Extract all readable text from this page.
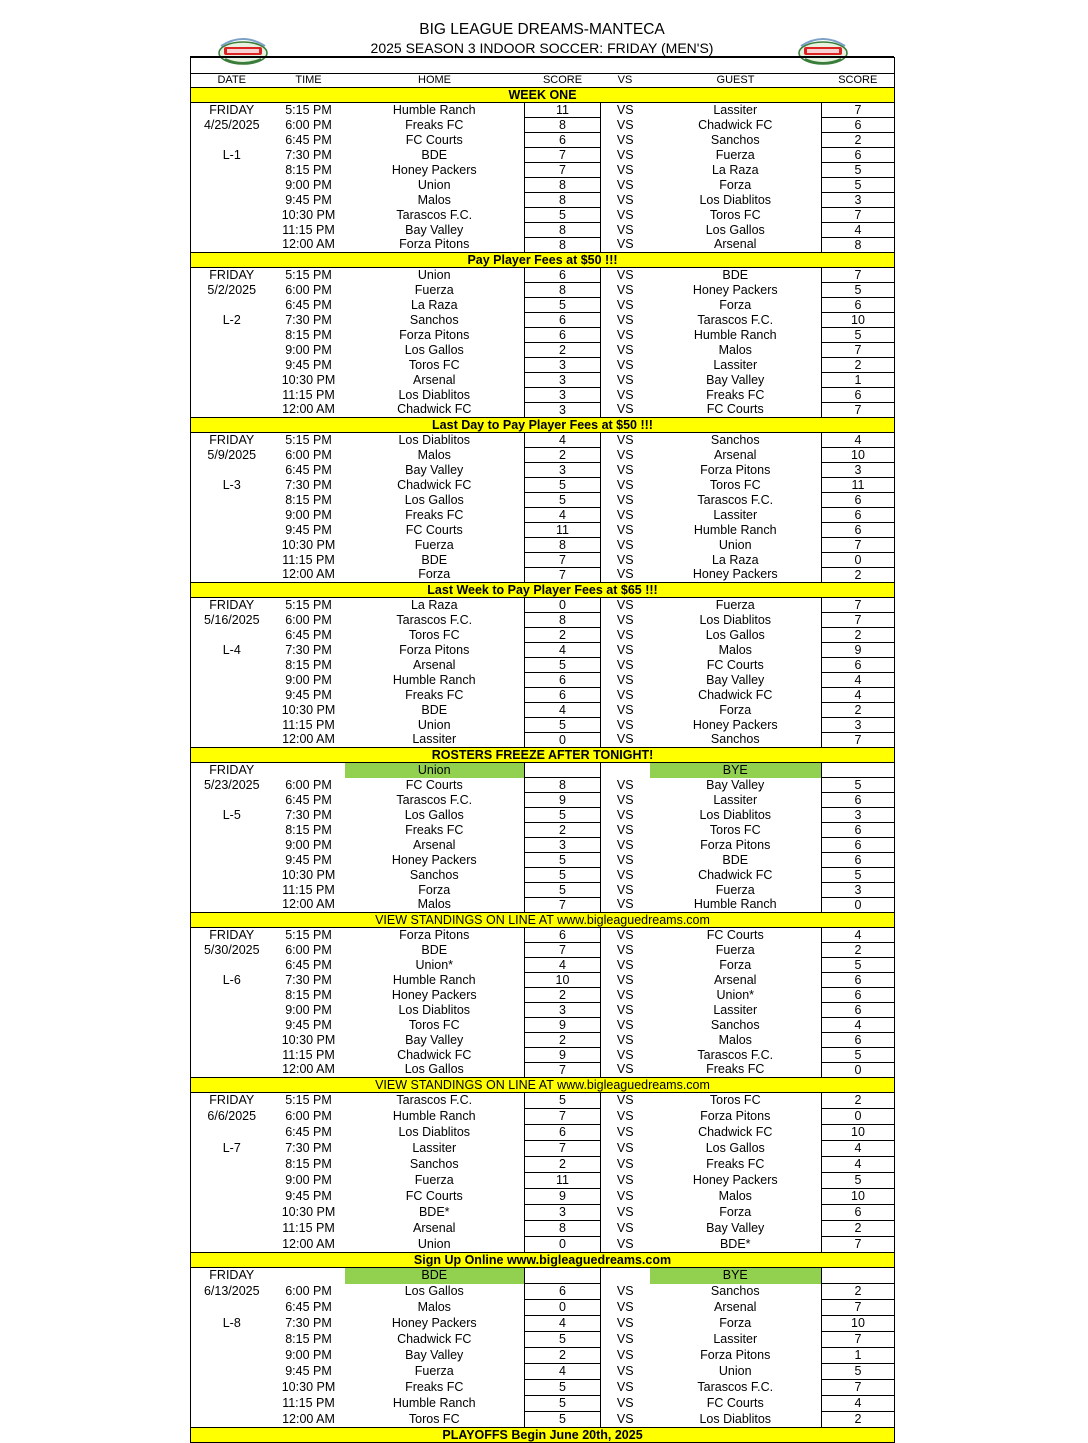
BIG LEAGUE DREAMS-MANTECA
2025 SEASON 3 INDOOR SOCCER: FRIDAY (MEN'S)

DATE	TIME	HOME	SCORE	VS	GUEST	SCORE
WEEK ONE						
FRIDAY	5:15 PM	Humble Ranch	11	VS	Lassiter	7
4/25/2025	6:00 PM	Freaks FC	8	VS	Chadwick FC	6
	6:45 PM	FC Courts	6	VS	Sanchos	2
L-1	7:30 PM	BDE	7	VS	Fuerza	6
	8:15 PM	Honey Packers	7	VS	La Raza	5
	9:00 PM	Union	8	VS	Forza	5
	9:45 PM	Malos	8	VS	Los Diablitos	3
	10:30 PM	Tarascos F.C.	5	VS	Toros FC	7
	11:15 PM	Bay Valley	8	VS	Los Gallos	4
	12:00 AM	Forza Pitons	8	VS	Arsenal	8
Pay Player Fees at $50 !!!						
FRIDAY	5:15 PM	Union	6	VS	BDE	7
5/2/2025	6:00 PM	Fuerza	8	VS	Honey Packers	5
	6:45 PM	La Raza	5	VS	Forza	6
L-2	7:30 PM	Sanchos	6	VS	Tarascos F.C.	10
	8:15 PM	Forza Pitons	6	VS	Humble Ranch	5
	9:00 PM	Los Gallos	2	VS	Malos	7
	9:45 PM	Toros FC	3	VS	Lassiter	2
	10:30 PM	Arsenal	3	VS	Bay Valley	1
	11:15 PM	Los Diablitos	3	VS	Freaks FC	6
	12:00 AM	Chadwick FC	3	VS	FC Courts	7
Last Day to Pay Player Fees at $50 !!!						
FRIDAY	5:15 PM	Los Diablitos	4	VS	Sanchos	4
5/9/2025	6:00 PM	Malos	2	VS	Arsenal	10
	6:45 PM	Bay Valley	3	VS	Forza Pitons	3
L-3	7:30 PM	Chadwick FC	5	VS	Toros FC	11
	8:15 PM	Los Gallos	5	VS	Tarascos F.C.	6
	9:00 PM	Freaks FC	4	VS	Lassiter	6
	9:45 PM	FC Courts	11	VS	Humble Ranch	6
	10:30 PM	Fuerza	8	VS	Union	7
	11:15 PM	BDE	7	VS	La Raza	0
	12:00 AM	Forza	7	VS	Honey Packers	2
Last Week to Pay Player Fees at $65 !!!						
FRIDAY	5:15 PM	La Raza	0	VS	Fuerza	7
5/16/2025	6:00 PM	Tarascos F.C.	8	VS	Los Diablitos	7
	6:45 PM	Toros FC	2	VS	Los Gallos	2
L-4	7:30 PM	Forza Pitons	4	VS	Malos	9
	8:15 PM	Arsenal	5	VS	FC Courts	6
	9:00 PM	Humble Ranch	6	VS	Bay Valley	4
	9:45 PM	Freaks FC	6	VS	Chadwick FC	4
	10:30 PM	BDE	4	VS	Forza	2
	11:15 PM	Union	5	VS	Honey Packers	3
	12:00 AM	Lassiter	0	VS	Sanchos	7
ROSTERS FREEZE AFTER TONIGHT!						
FRIDAY		Union			BYE	
5/23/2025	6:00 PM	FC Courts	8	VS	Bay Valley	5
	6:45 PM	Tarascos F.C.	9	VS	Lassiter	6
L-5	7:30 PM	Los Gallos	5	VS	Los Diablitos	3
	8:15 PM	Freaks FC	2	VS	Toros FC	6
	9:00 PM	Arsenal	3	VS	Forza Pitons	6
	9:45 PM	Honey Packers	5	VS	BDE	6
	10:30 PM	Sanchos	5	VS	Chadwick FC	5
	11:15 PM	Forza	5	VS	Fuerza	3
	12:00 AM	Malos	7	VS	Humble Ranch	0
VIEW STANDINGS ON LINE AT www.bigleaguedreams.com						
FRIDAY	5:15 PM	Forza Pitons	6	VS	FC Courts	4
5/30/2025	6:00 PM	BDE	7	VS	Fuerza	2
	6:45 PM	Union*	4	VS	Forza	5
L-6	7:30 PM	Humble Ranch	10	VS	Arsenal	6
	8:15 PM	Honey Packers	2	VS	Union*	6
	9:00 PM	Los Diablitos	3	VS	Lassiter	6
	9:45 PM	Toros FC	9	VS	Sanchos	4
	10:30 PM	Bay Valley	2	VS	Malos	6
	11:15 PM	Chadwick FC	9	VS	Tarascos F.C.	5
	12:00 AM	Los Gallos	7	VS	Freaks FC	0
VIEW STANDINGS ON LINE AT www.bigleaguedreams.com						
FRIDAY	5:15 PM	Tarascos F.C.	5	VS	Toros FC	2
6/6/2025	6:00 PM	Humble Ranch	7	VS	Forza Pitons	0
	6:45 PM	Los Diablitos	6	VS	Chadwick FC	10
L-7	7:30 PM	Lassiter	7	VS	Los Gallos	4
	8:15 PM	Sanchos	2	VS	Freaks FC	4
	9:00 PM	Fuerza	11	VS	Honey Packers	5
	9:45 PM	FC Courts	9	VS	Malos	10
	10:30 PM	BDE*	3	VS	Forza	6
	11:15 PM	Arsenal	8	VS	Bay Valley	2
	12:00 AM	Union	0	VS	BDE*	7
Sign Up Online www.bigleaguedreams.com						
FRIDAY		BDE			BYE	
6/13/2025	6:00 PM	Los Gallos	6	VS	Sanchos	2
	6:45 PM	Malos	0	VS	Arsenal	7
L-8	7:30 PM	Honey Packers	4	VS	Forza	10
	8:15 PM	Chadwick FC	5	VS	Lassiter	7
	9:00 PM	Bay Valley	2	VS	Forza Pitons	1
	9:45 PM	Fuerza	4	VS	Union	5
	10:30 PM	Freaks FC	5	VS	Tarascos F.C.	7
	11:15 PM	Humble Ranch	5	VS	FC Courts	4
	12:00 AM	Toros FC	5	VS	Los Diablitos	2
PLAYOFFS Begin June 20th, 2025						
